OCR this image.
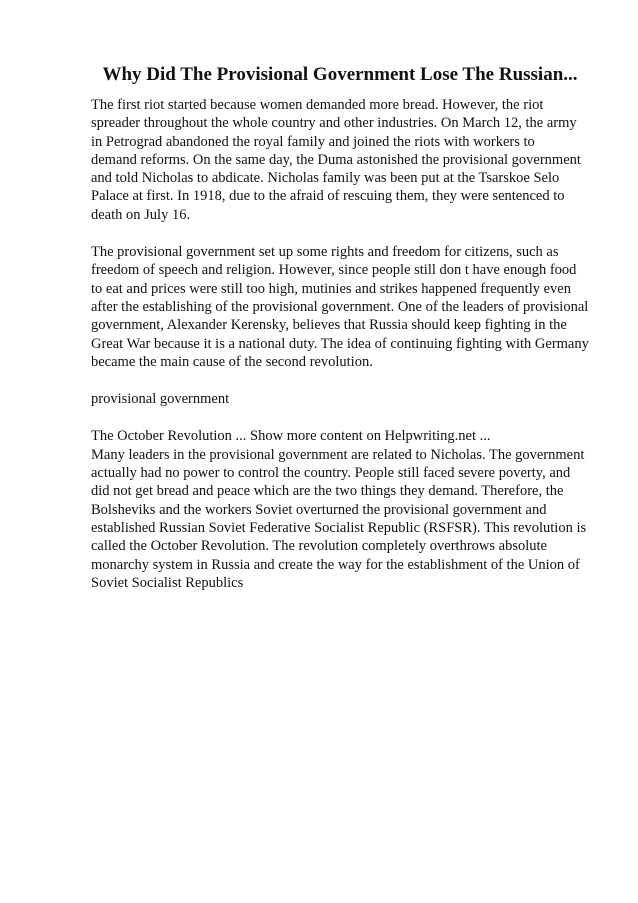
Why Did The Provisional Government Lose The Russian...

The first riot started because women demanded more bread. However, the riot
spreader throughout the whole country and other industries. On March 12, the army
in Petrograd abandoned the royal family and joined the riots with workers to
demand reforms. On the same day, the Duma astonished the provisional government
and told Nicholas to abdicate. Nicholas family was been put at the Tsarskoe Selo
Palace at first. In 1918, due to the afraid of rescuing them, they were sentenced to
death on July 16.

The provisional government set up some rights and freedom for citizens, such as
freedom of speech and religion. However, since people still don t have enough food
to eat and prices were still too high, mutinies and strikes happened frequently even
after the establishing of the provisional government. One of the leaders of provisional
government, Alexander Kerensky, believes that Russia should keep fighting in the
Great War because it is a national duty. The idea of continuing fighting with Germany
became the main cause of the second revolution.

provisional government

The October Revolution ... Show more content on Helpwriting.net ...
Many leaders in the provisional government are related to Nicholas. The government
actually had no power to control the country. People still faced severe poverty, and
did not get bread and peace which are the two things they demand. Therefore, the
Bolsheviks and the workers Soviet overturned the provisional government and
established Russian Soviet Federative Socialist Republic (RSFSR). This revolution is
called the October Revolution. The revolution completely overthrows absolute
monarchy system in Russia and create the way for the establishment of the Union of
Soviet Socialist Republics
